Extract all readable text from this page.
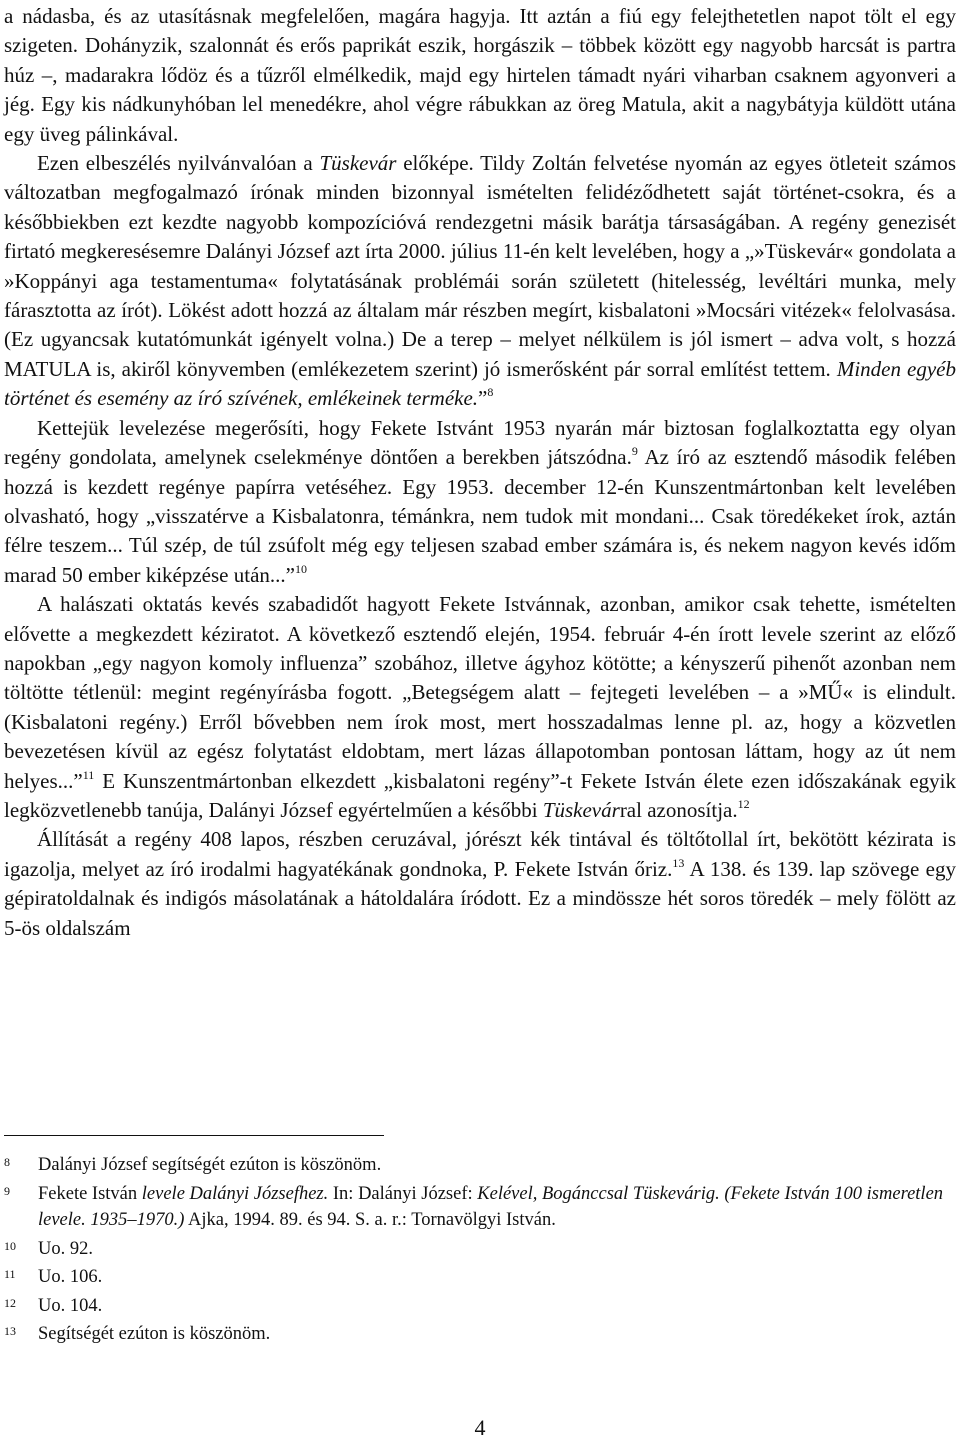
a nádasba, és az utasításnak megfelelően, magára hagyja. Itt aztán a fiú egy felejthetetlen napot tölt el egy szigeten. Dohányzik, szalonnát és erős paprikát eszik, horgászik – többek között egy nagyobb harcsát is partra húz –, madarakra lődöz és a tűzről elmélkedik, majd egy hirtelen támadt nyári viharban csaknem agyonveri a jég. Egy kis nádkunyhóban lel menedékre, ahol végre rábukkan az öreg Matula, akit a nagybátyja küldött utána egy üveg pálinkával.

Ezen elbeszélés nyilvánvalóan a Tüskevár előképe. Tildy Zoltán felvetése nyomán az egyes ötleteit számos változatban megfogalmazó írónak minden bizonnyal ismételten felidéződhetett saját történet-csokra, és a későbbiekben ezt kezdte nagyobb kompozícióvá rendezgetni másik barátja társaságában. A regény genezisét firtató megkeresésemre Dalányi József azt írta 2000. július 11-én kelt levelében, hogy a „»Tüskevár« gondolata a »Koppányi aga testamentuma« folytatásának problémái során született (hitelesség, levéltári munka, mely fárasztotta az írót). Lökést adott hozzá az általam már részben megírt, kisbalatoni »Mocsári vitézek« felolvasása. (Ez ugyancsak kutatómunkát igényelt volna.) De a terep – melyet nélkülem is jól ismert – adva volt, s hozzá MATULA is, akiről könyvemben (emlékezetem szerint) jó ismerősként pár sorral említést tettem. Minden egyéb történet és esemény az író szívének, emlékeinek terméke.”$^8$

Kettejük levelezése megerősíti, hogy Fekete Istvánt 1953 nyarán már biztosan foglalkoztatta egy olyan regény gondolata, amelynek cselekménye döntően a berekben játszódna.$^9$ Az író az esztendő második felében hozzá is kezdett regénye papírra vetéséhez. Egy 1953. december 12-én Kunszentmártonban kelt levelében olvasható, hogy „visszatérve a Kisbalatonra, témánkra, nem tudok mit mondani... Csak töredékeket írok, aztán félre teszem... Túl szép, de túl zsúfolt még egy teljesen szabad ember számára is, és nekem nagyon kevés időm marad 50 ember kiképzése után...”$^{10}$

A halászati oktatás kevés szabadidőt hagyott Fekete Istvánnak, azonban, amikor csak tehette, ismételten elővette a megkezdett kéziratot. A következő esztendő elején, 1954. február 4-én írott levele szerint az előző napokban „egy nagyon komoly influenza” szobához, illetve ágyhoz kötötte; a kényszerű pihenőt azonban nem töltötte tétlenül: megint regényírásba fogott. „Betegségem alatt – fejtegeti levelében – a »MŰ« is elindult. (Kisbalatoni regény.) Erről bővebben nem írok most, mert hosszadalmas lenne pl. az, hogy a közvetlen bevezetésen kívül az egész folytatást eldobtam, mert lázas állapotomban pontosan láttam, hogy az út nem helyes...”$^{11}$ E Kunszentmártonban elkezdett „kisbalatoni regény”-t Fekete István élete ezen időszakának egyik legközvetlenebb tanúja, Dalányi József egyértelműen a későbbi Tüskevárral azonosítja.$^{12}$

Állítását a regény 408 lapos, részben ceruzával, jórészt kék tintával és töltőtollal írt, bekötött kézirata is igazolja, melyet az író irodalmi hagyatékának gondnoka, P. Fekete István őriz.$^{13}$ A 138. és 139. lap szövege egy gépiratoldalnak és indigós másolatának a hátoldalára íródott. Ez a mindössze hét soros töredék – mely fölött az 5-ös oldalszám

8	Dalányi József segítségét ezúton is köszönöm.
9	Fekete István levele Dalányi Józsefhez. In: Dalányi József: Kelével, Bogánccsal Tüskevárig. (Fekete István 100 ismeretlen levele. 1935–1970.) Ajka, 1994. 89. és 94. S. a. r.: Tornavölgyi István.
10	Uo. 92.
11	Uo. 106.
12	Uo. 104.
13	Segítségét ezúton is köszönöm.
4
